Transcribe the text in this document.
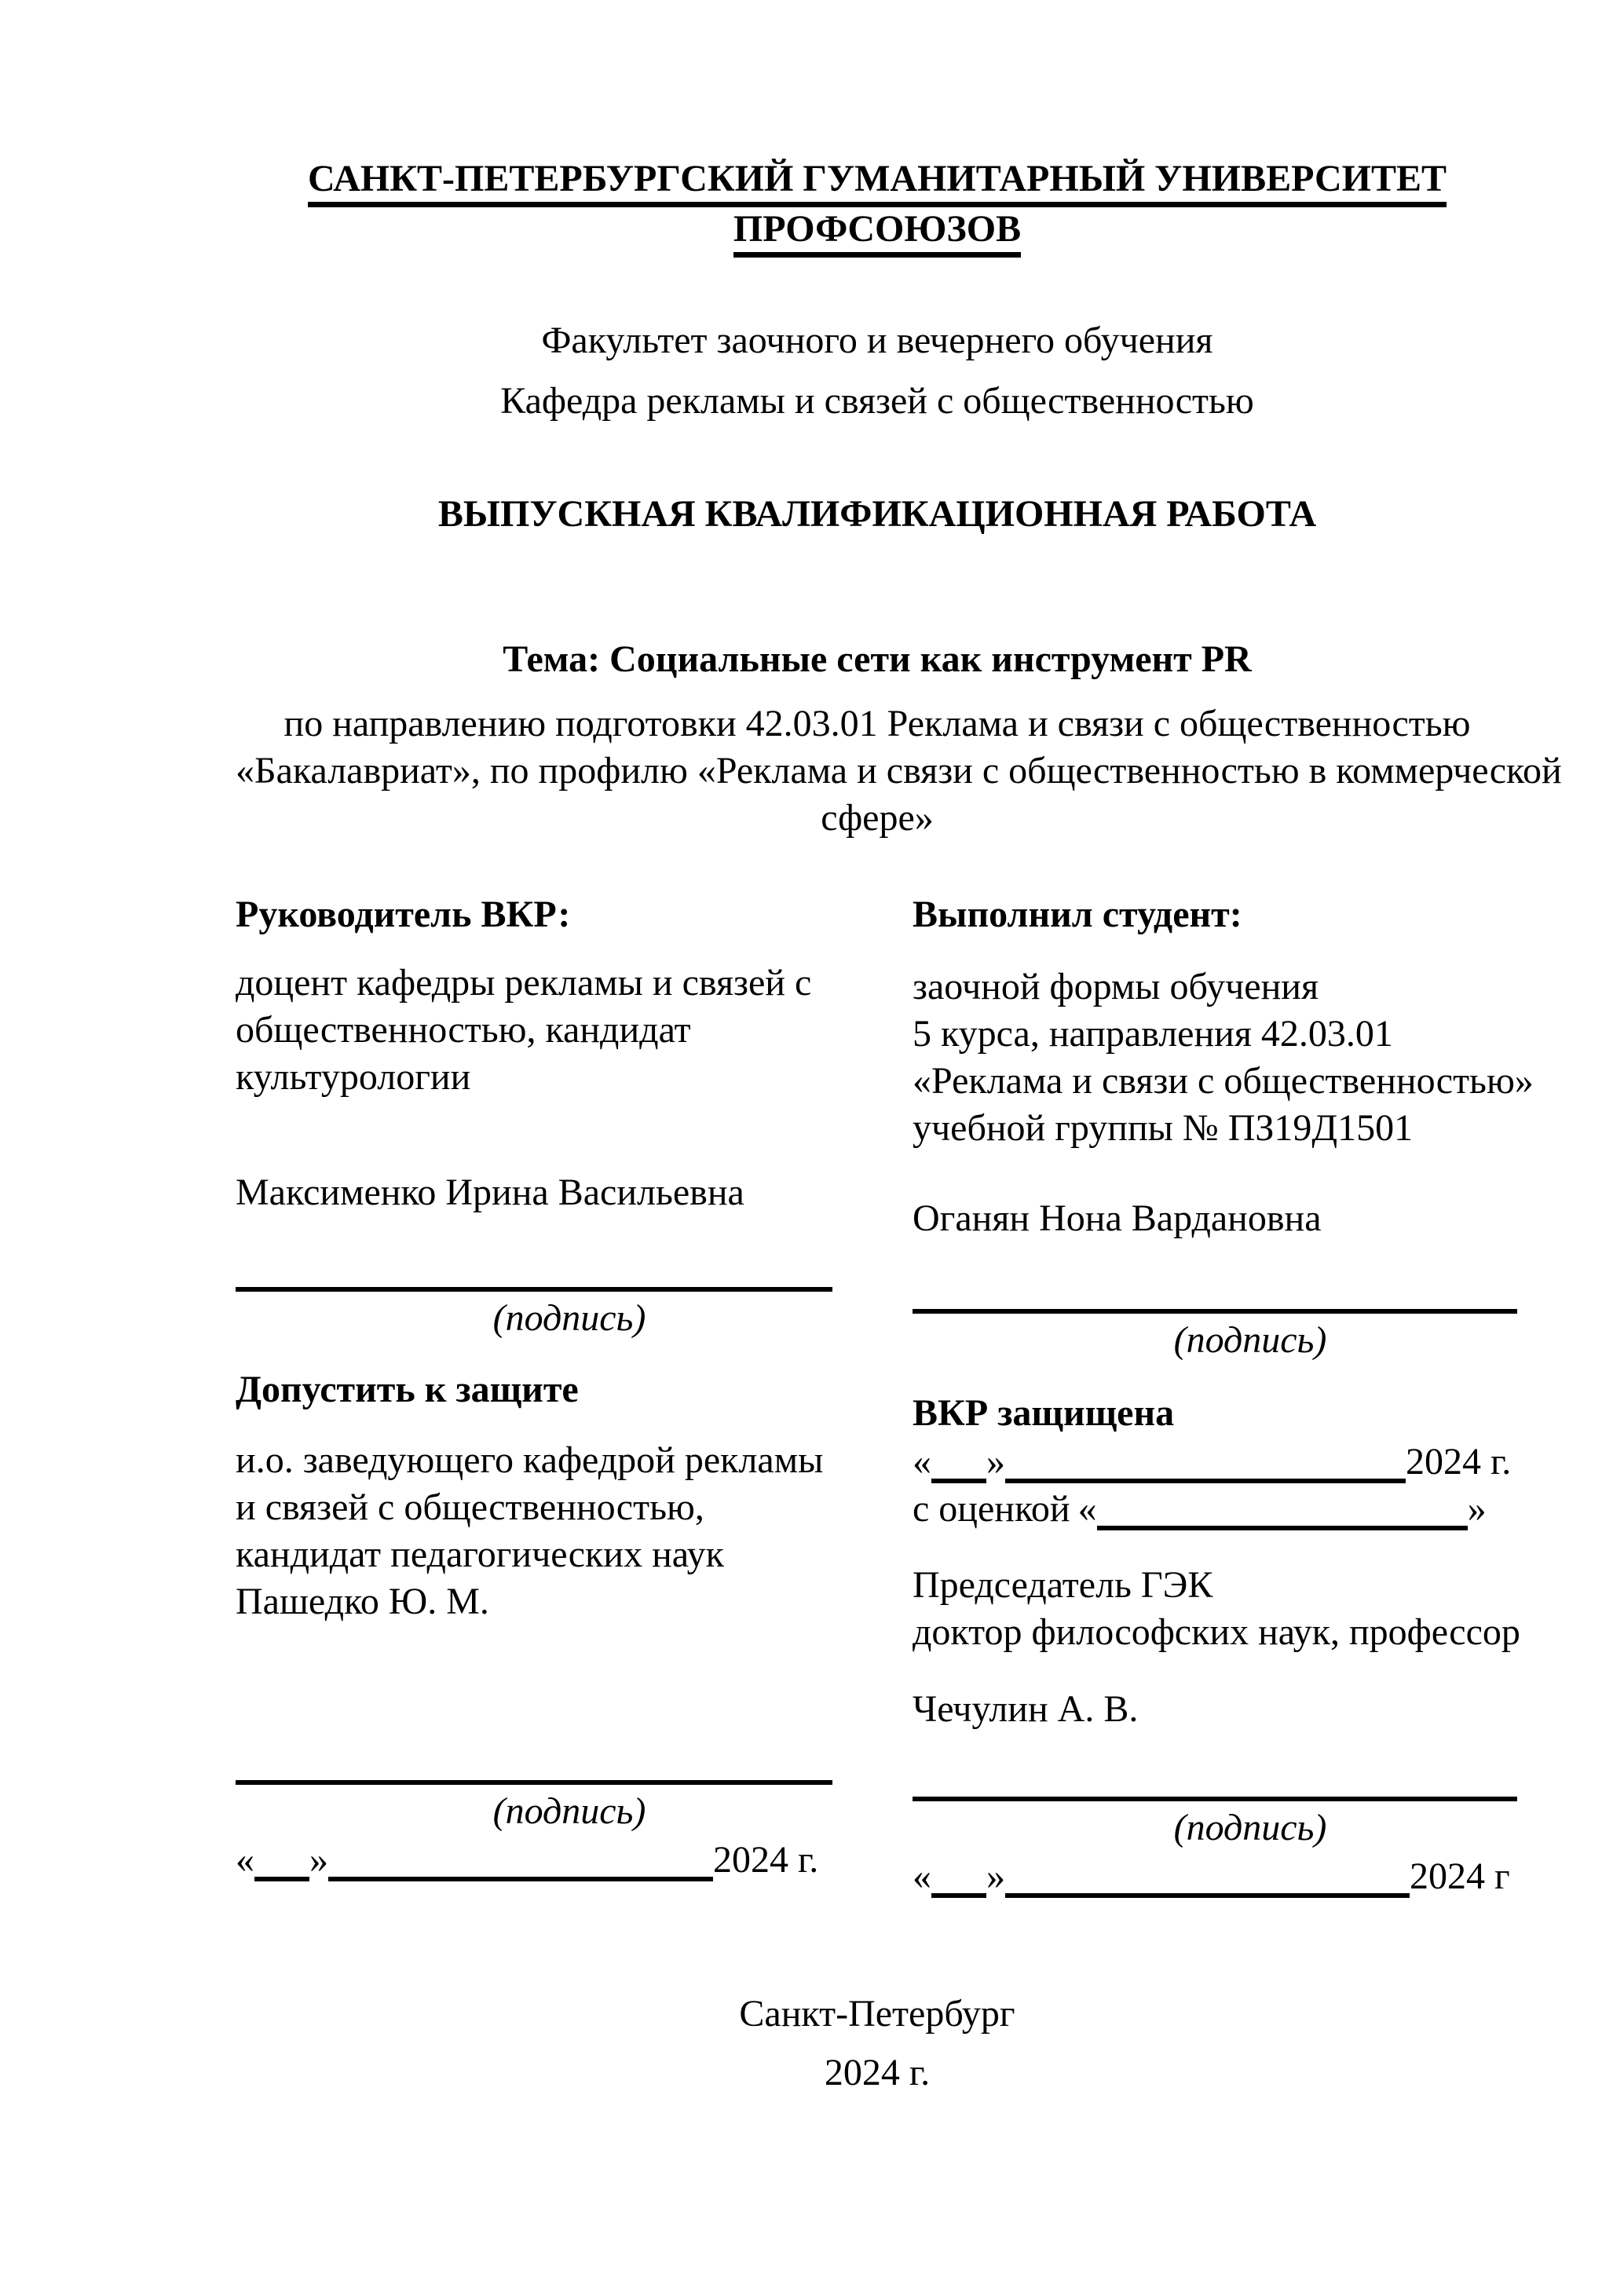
САНКТ-ПЕТЕРБУРГСКИЙ ГУМАНИТАРНЫЙ УНИВЕРСИТЕТ
ПРОФСОЮЗОВ
Факультет заочного и вечернего обучения
Кафедра рекламы и связей с общественностью
ВЫПУСКНАЯ КВАЛИФИКАЦИОННАЯ РАБОТА
Тема: Социальные сети как инструмент PR
по направлению подготовки 42.03.01 Реклама и связи с общественностью
«Бакалавриат», по профилю «Реклама и связи с общественностью в коммерческой
сфере»
Руководитель ВКР:
доцент кафедры рекламы и связей с
общественностью, кандидат
культурологии
Максименко Ирина Васильевна
(подпись)
Допустить к защите
и.о. заведующего кафедрой рекламы
и связей с общественностью,
кандидат педагогических наук
Пашедко Ю. М.
(подпись)
« »	2024 г.
Выполнил студент:
заочной формы обучения
5 курса, направления 42.03.01
«Реклама и связи с общественностью»
учебной группы № ПЗ19Д1501
Оганян Нона Вардановна
(подпись)
ВКР защищена
« »	2024 г.
с оценкой «	»
Председатель ГЭК
доктор философских наук, профессор
Чечулин А. В.
(подпись)
« »	2024 г
Санкт-Петербург
2024 г.
